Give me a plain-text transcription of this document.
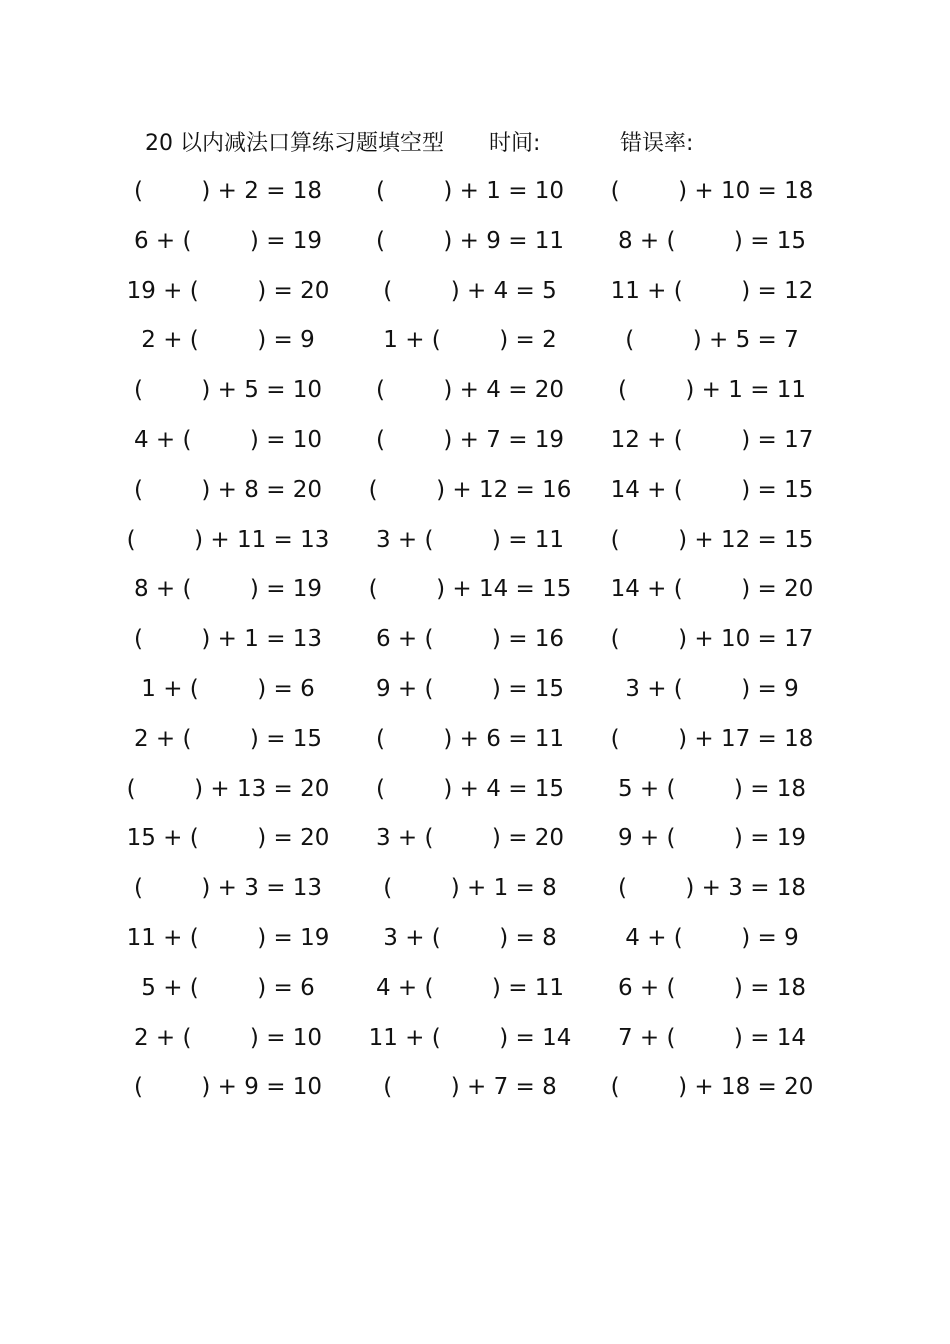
20 以内减法口算练习题填空型 时间:	错误率:
(        ) + 2 = 18	(        ) + 1 = 10	(        ) + 10 = 18
6 + (        ) = 19	(        ) + 9 = 11	8 + (        ) = 15
19 + (        ) = 20	(        ) + 4 = 5	11 + (        ) = 12
2 + (        ) = 9	1 + (        ) = 2	(        ) + 5 = 7
(        ) + 5 = 10	(        ) + 4 = 20	(        ) + 1 = 11
4 + (        ) = 10	(        ) + 7 = 19	12 + (        ) = 17
(        ) + 8 = 20	(        ) + 12 = 16	14 + (        ) = 15
(        ) + 11 = 13	3 + (        ) = 11	(        ) + 12 = 15
8 + (        ) = 19	(        ) + 14 = 15	14 + (        ) = 20
(        ) + 1 = 13	6 + (        ) = 16	(        ) + 10 = 17
1 + (        ) = 6	9 + (        ) = 15	3 + (        ) = 9
2 + (        ) = 15	(        ) + 6 = 11	(        ) + 17 = 18
(        ) + 13 = 20	(        ) + 4 = 15	5 + (        ) = 18
15 + (        ) = 20	3 + (        ) = 20	9 + (        ) = 19
(        ) + 3 = 13	(        ) + 1 = 8	(        ) + 3 = 18
11 + (        ) = 19	3 + (        ) = 8	4 + (        ) = 9
5 + (        ) = 6	4 + (        ) = 11	6 + (        ) = 18
2 + (        ) = 10	11 + (        ) = 14	7 + (        ) = 14
(        ) + 9 = 10	(        ) + 7 = 8	(        ) + 18 = 20
